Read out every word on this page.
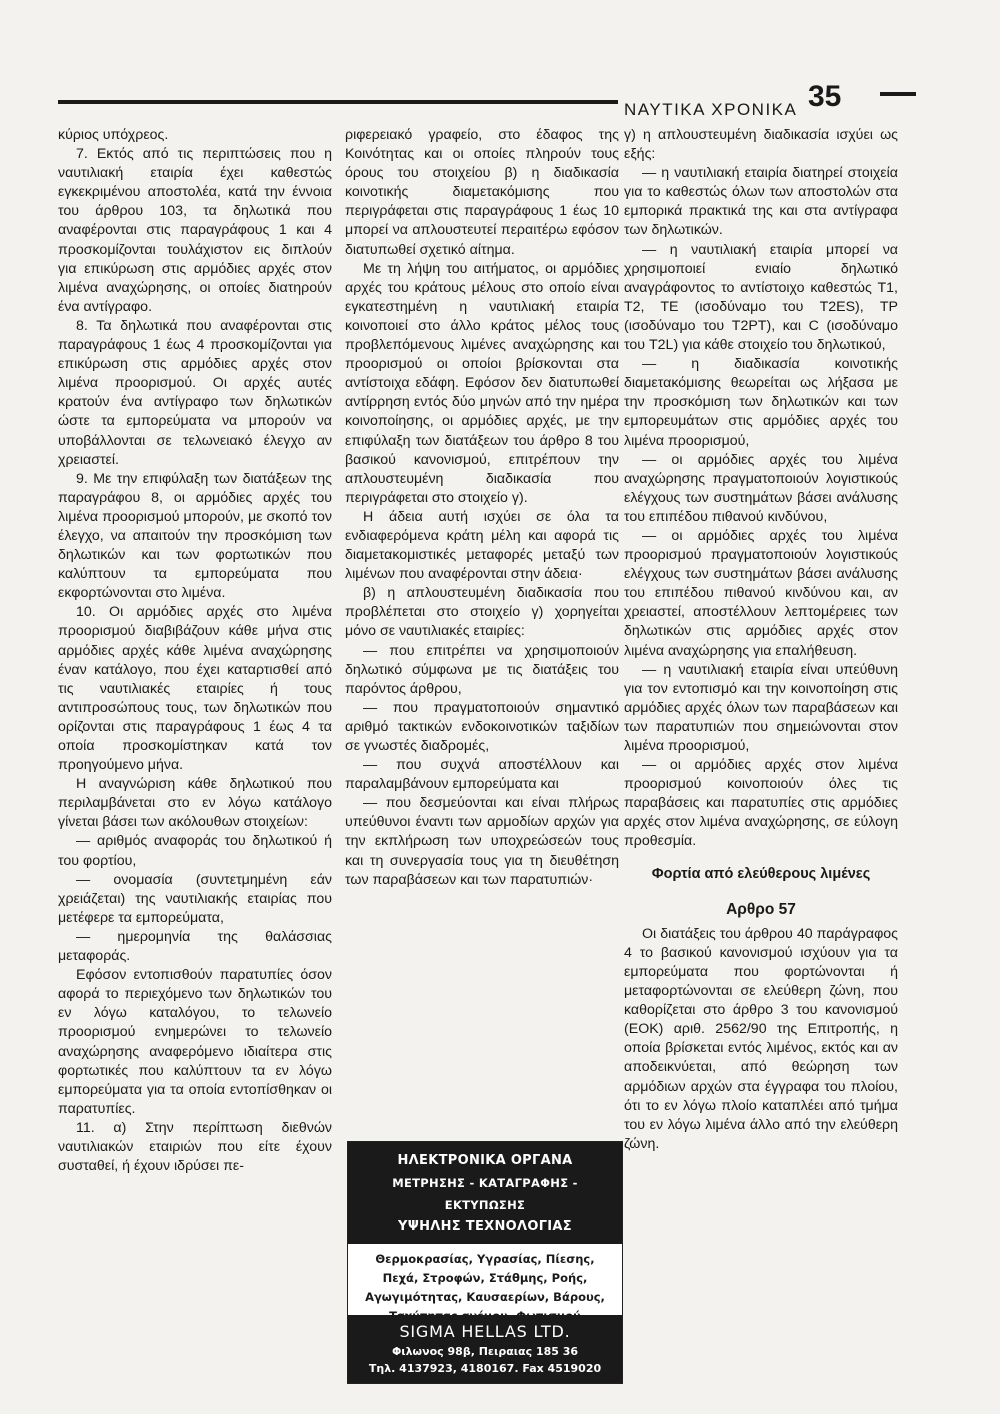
ΝΑΥΤΙΚΑ ΧΡΟΝΙΚΑ 35

κύριος υπόχρεος.

7. Εκτός από τις περιπτώσεις που η ναυτιλιακή εταιρία έχει καθεστώς εγκεκριμένου αποστολέα, κατά την έννοια του άρθρου 103, τα δηλωτικά που αναφέρονται στις παραγράφους 1 και 4 προσκομίζονται τουλάχιστον εις διπλούν για επικύρωση στις αρμόδιες αρχές στον λιμένα αναχώρησης, οι οποίες διατηρούν ένα αντίγραφο.

8. Τα δηλωτικά που αναφέρονται στις παραγράφους 1 έως 4 προσκομίζονται για επικύρωση στις αρμόδιες αρχές στον λιμένα προορισμού. Οι αρχές αυτές κρατούν ένα αντίγραφο των δηλωτικών ώστε τα εμπορεύματα να μπορούν να υποβάλλονται σε τελωνειακό έλεγχο αν χρειαστεί.

9. Με την επιφύλαξη των διατάξεων της παραγράφου 8, οι αρμόδιες αρχές του λιμένα προορισμού μπορούν, με σκοπό τον έλεγχο, να απαιτούν την προσκόμιση των δηλωτικών και των φορτωτικών που καλύπτουν τα εμπορεύματα που εκφορτώνονται στο λιμένα.

10. Οι αρμόδιες αρχές στο λιμένα προορισμού διαβιβάζουν κάθε μήνα στις αρμόδιες αρχές κάθε λιμένα αναχώρησης έναν κατάλογο, που έχει καταρτισθεί από τις ναυτιλιακές εταιρίες ή τους αντιπροσώπους τους, των δηλωτικών που ορίζονται στις παραγράφους 1 έως 4 τα οποία προσκομίστηκαν κατά τον προηγούμενο μήνα.

Η αναγνώριση κάθε δηλωτικού που περιλαμβάνεται στο εν λόγω κατάλογο γίνεται βάσει των ακόλουθων στοιχείων:

— αριθμός αναφοράς του δηλωτικού ή του φορτίου,

— ονομασία (συντετμημένη εάν χρειάζεται) της ναυτιλιακής εταιρίας που μετέφερε τα εμπορεύματα,

— ημερομηνία της θαλάσσιας μεταφοράς.

Εφόσον εντοπισθούν παρατυπίες όσον αφορά το περιεχόμενο των δηλωτικών του εν λόγω καταλόγου, το τελωνείο προορισμού ενημερώνει το τελωνείο αναχώρησης αναφερόμενο ιδιαίτερα στις φορτωτικές που καλύπτουν τα εν λόγω εμπορεύματα για τα οποία εντοπίσθηκαν οι παρατυπίες.

11. α) Στην περίπτωση διεθνών ναυτιλιακών εταιριών που είτε έχουν συσταθεί, ή έχουν ιδρύσει πε-

ριφερειακό γραφείο, στο έδαφος της Κοινότητας και οι οποίες πληρούν τους όρους του στοιχείου β) η διαδικασία κοινοτικής διαμετακόμισης που περιγράφεται στις παραγράφους 1 έως 10 μπορεί να απλουστευτεί περαιτέρω εφόσον διατυπωθεί σχετικό αίτημα.

Με τη λήψη του αιτήματος, οι αρμόδιες αρχές του κράτους μέλους στο οποίο είναι εγκατεστημένη η ναυτιλιακή εταιρία κοινοποιεί στο άλλο κράτος μέλος τους προβλεπόμενους λιμένες αναχώρησης και προορισμού οι οποίοι βρίσκονται στα αντίστοιχα εδάφη. Εφόσον δεν διατυπωθεί αντίρρηση εντός δύο μηνών από την ημέρα κοινοποίησης, οι αρμόδιες αρχές, με την επιφύλαξη των διατάξεων του άρθρο 8 του βασικού κανονισμού, επιτρέπουν την απλουστευμένη διαδικασία που περιγράφεται στο στοιχείο γ).

Η άδεια αυτή ισχύει σε όλα τα ενδιαφερόμενα κράτη μέλη και αφορά τις διαμετακομιστικές μεταφορές μεταξύ των λιμένων που αναφέρονται στην άδεια·

β) η απλουστευμένη διαδικασία που προβλέπεται στο στοιχείο γ) χορηγείται μόνο σε ναυτιλιακές εταιρίες:

— που επιτρέπει να χρησιμοποιούν δηλωτικό σύμφωνα με τις διατάξεις του παρόντος άρθρου,

— που πραγματοποιούν σημαντικό αριθμό τακτικών ενδοκοινοτικών ταξιδίων σε γνωστές διαδρομές,

— που συχνά αποστέλλουν και παραλαμβάνουν εμπορεύματα και

— που δεσμεύονται και είναι πλήρως υπεύθυνοι έναντι των αρμοδίων αρχών για την εκπλήρωση των υποχρεώσεών τους και τη συνεργασία τους για τη διευθέτηση των παραβάσεων και των παρατυπιών·

ΗΛΕΚΤΡΟΝΙΚΑ ΟΡΓΑΝΑ
ΜΕΤΡΗΣΗΣ - ΚΑΤΑΓΡΑΦΗΣ - ΕΚΤΥΠΩΣΗΣ
ΥΨΗΛΗΣ ΤΕΧΝΟΛΟΓΙΑΣ
Θερμοκρασίας, Υγρασίας, Πίεσης,
Πεχά, Στροφών, Στάθμης, Ροής,
Αγωγιμότητας, Καυσαερίων, Βάρους,
SIGMA HELLAS LTD.
Φιλωνος 98β, Πειραιας 185 36
Τηλ. 4137923, 4180167. Fax 4519020

γ) η απλουστευμένη διαδικασία ισχύει ως εξής:

— η ναυτιλιακή εταιρία διατηρεί στοιχεία για το καθεστώς όλων των αποστολών στα εμπορικά πρακτικά της και στα αντίγραφα των δηλωτικών.

— η ναυτιλιακή εταιρία μπορεί να χρησιμοποιεί ενιαίο δηλωτικό αναγράφοντος το αντίστοιχο καθεστώς Τ1, Τ2, ΤΕ (ισοδύναμο του T2ES), TP (ισοδύναμο του T2PT), και C (ισοδύναμο του T2L) για κάθε στοιχείο του δηλωτικού,

— η διαδικασία κοινοτικής διαμετακόμισης θεωρείται ως λήξασα με την προσκόμιση των δηλωτικών και των εμπορευμάτων στις αρμόδιες αρχές του λιμένα προορισμού,

— οι αρμόδιες αρχές του λιμένα αναχώρησης πραγματοποιούν λογιστικούς ελέγχους των συστημάτων βάσει ανάλυσης του επιπέδου πιθανού κινδύνου,

— οι αρμόδιες αρχές του λιμένα προορισμού πραγματοποιούν λογιστικούς ελέγχους των συστημάτων βάσει ανάλυσης του επιπέδου πιθανού κινδύνου και, αν χρειαστεί, αποστέλλουν λεπτομέρειες των δηλωτικών στις αρμόδιες αρχές στον λιμένα αναχώρησης για επαλήθευση.

— η ναυτιλιακή εταιρία είναι υπεύθυνη για τον εντοπισμό και την κοινοποίηση στις αρμόδιες αρχές όλων των παραβάσεων και των παρατυπιών που σημειώνονται στον λιμένα προορισμού,

— οι αρμόδιες αρχές στον λιμένα προορισμού κοινοποιούν όλες τις παραβάσεις και παρατυπίες στις αρμόδιες αρχές στον λιμένα αναχώρησης, σε εύλογη προθεσμία.

Φορτία από ελεύθερους λιμένες

Αρθρο 57

Οι διατάξεις του άρθρου 40 παράγραφος 4 το βασικού κανονισμού ισχύουν για τα εμπορεύματα που φορτώνονται ή μεταφορτώνονται σε ελεύθερη ζώνη, που καθορίζεται στο άρθρο 3 του κανονισμού (ΕΟΚ) αριθ. 2562/90 της Επιτροπής, η οποία βρίσκεται εντός λιμένος, εκτός και αν αποδεικνύεται, από θεώρηση των αρμόδιων αρχών στα έγγραφα του πλοίου, ότι το εν λόγω πλοίο καταπλέει από τμήμα του εν λόγω λιμένα άλλο από την ελεύθερη ζώνη.
